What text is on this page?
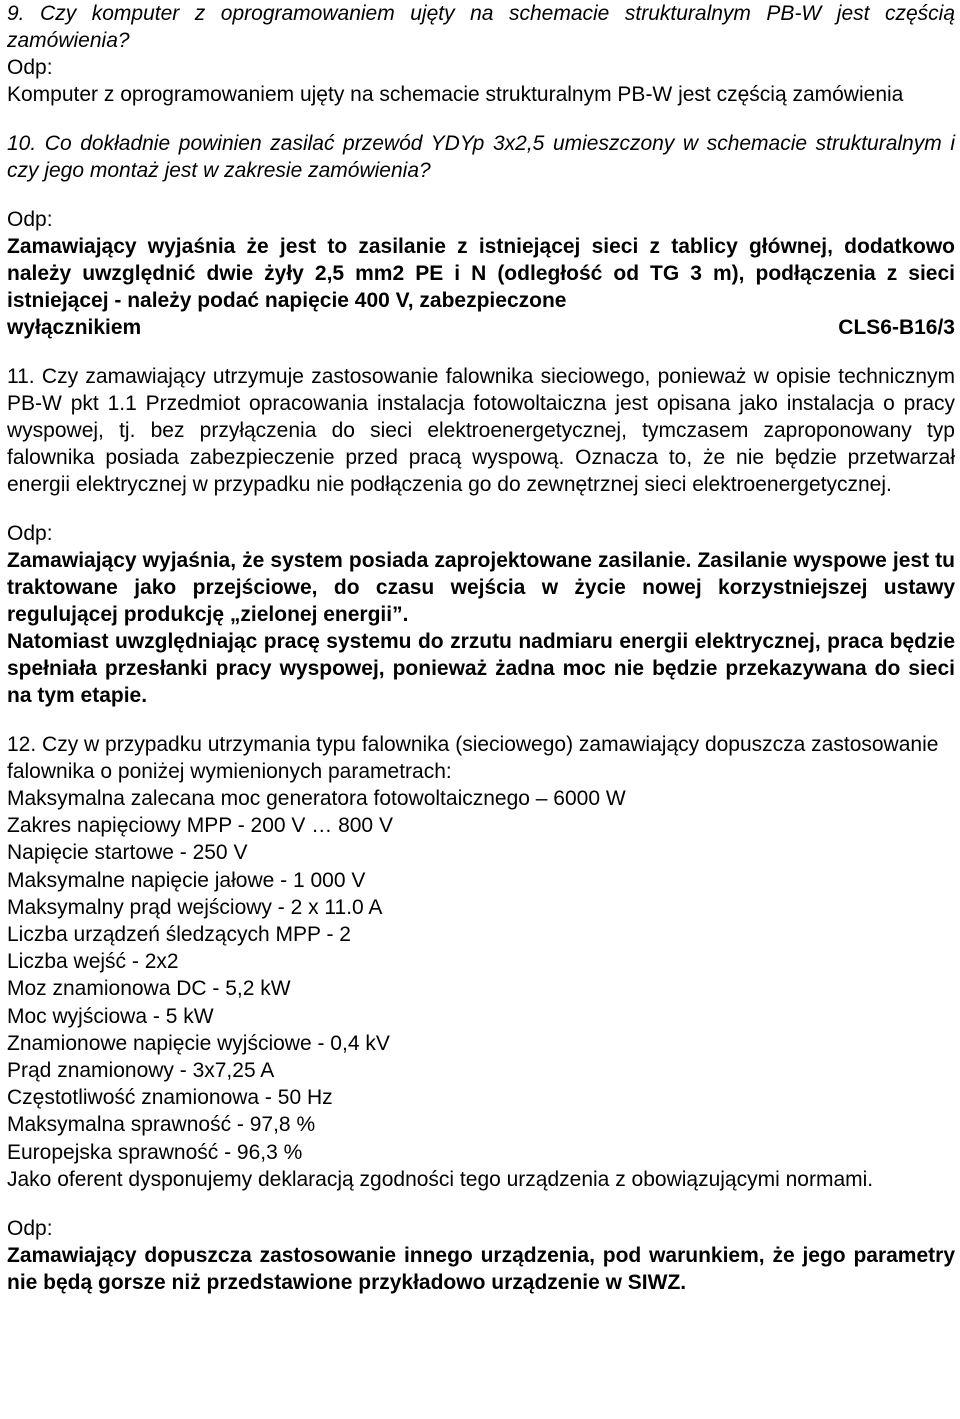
9. Czy komputer z oprogramowaniem ujęty na schemacie strukturalnym PB-W jest częścią zamówienia?

Odp:

Komputer z oprogramowaniem ujęty na schemacie strukturalnym PB-W jest częścią zamówienia

10. Co dokładnie powinien zasilać przewód YDYp 3x2,5 umieszczony w schemacie strukturalnym i czy jego montaż jest w zakresie zamówienia?

Odp:

Zamawiający wyjaśnia że jest to zasilanie z istniejącej sieci z tablicy głównej, dodatkowo należy uwzględnić dwie żyły 2,5 mm2 PE i N (odległość od TG 3 m), podłączenia z sieci istniejącej - należy podać napięcie 400 V, zabezpieczone

wyłącznikiem	CLS6-B16/3

11. Czy zamawiający utrzymuje zastosowanie falownika sieciowego, ponieważ w opisie technicznym PB-W pkt 1.1 Przedmiot opracowania instalacja fotowoltaiczna jest opisana jako instalacja o pracy wyspowej, tj. bez przyłączenia do sieci elektroenergetycznej, tymczasem zaproponowany typ falownika posiada zabezpieczenie przed pracą wyspową. Oznacza to, że nie będzie przetwarzał energii elektrycznej w przypadku nie podłączenia go do zewnętrznej sieci elektroenergetycznej.

Odp:

Zamawiający wyjaśnia, że system posiada zaprojektowane zasilanie. Zasilanie wyspowe jest tu traktowane jako przejściowe, do czasu wejścia w życie nowej korzystniejszej ustawy regulującej produkcję „zielonej energii”.

Natomiast uwzględniając pracę systemu do zrzutu nadmiaru energii elektrycznej, praca będzie spełniała przesłanki pracy wyspowej, ponieważ żadna moc nie będzie przekazywana do sieci na tym etapie.

12. Czy w przypadku utrzymania typu falownika (sieciowego) zamawiający dopuszcza zastosowanie falownika o poniżej wymienionych parametrach:

Maksymalna zalecana moc generatora fotowoltaicznego – 6000 W
Zakres napięciowy MPP - 200 V … 800 V
Napięcie startowe - 250 V
Maksymalne napięcie jałowe - 1 000 V
Maksymalny prąd wejściowy - 2 x 11.0 A
Liczba urządzeń śledzących MPP - 2
Liczba wejść - 2x2
Moz znamionowa DC - 5,2 kW
Moc wyjściowa - 5 kW
Znamionowe napięcie wyjściowe - 0,4 kV
Prąd znamionowy - 3x7,25 A
Częstotliwość znamionowa - 50 Hz
Maksymalna sprawność - 97,8 %
Europejska sprawność - 96,3 %

Jako oferent dysponujemy deklaracją zgodności tego urządzenia z obowiązującymi normami.

Odp:

Zamawiający dopuszcza zastosowanie innego urządzenia, pod warunkiem, że jego parametry nie będą gorsze niż przedstawione przykładowo urządzenie w SIWZ.
